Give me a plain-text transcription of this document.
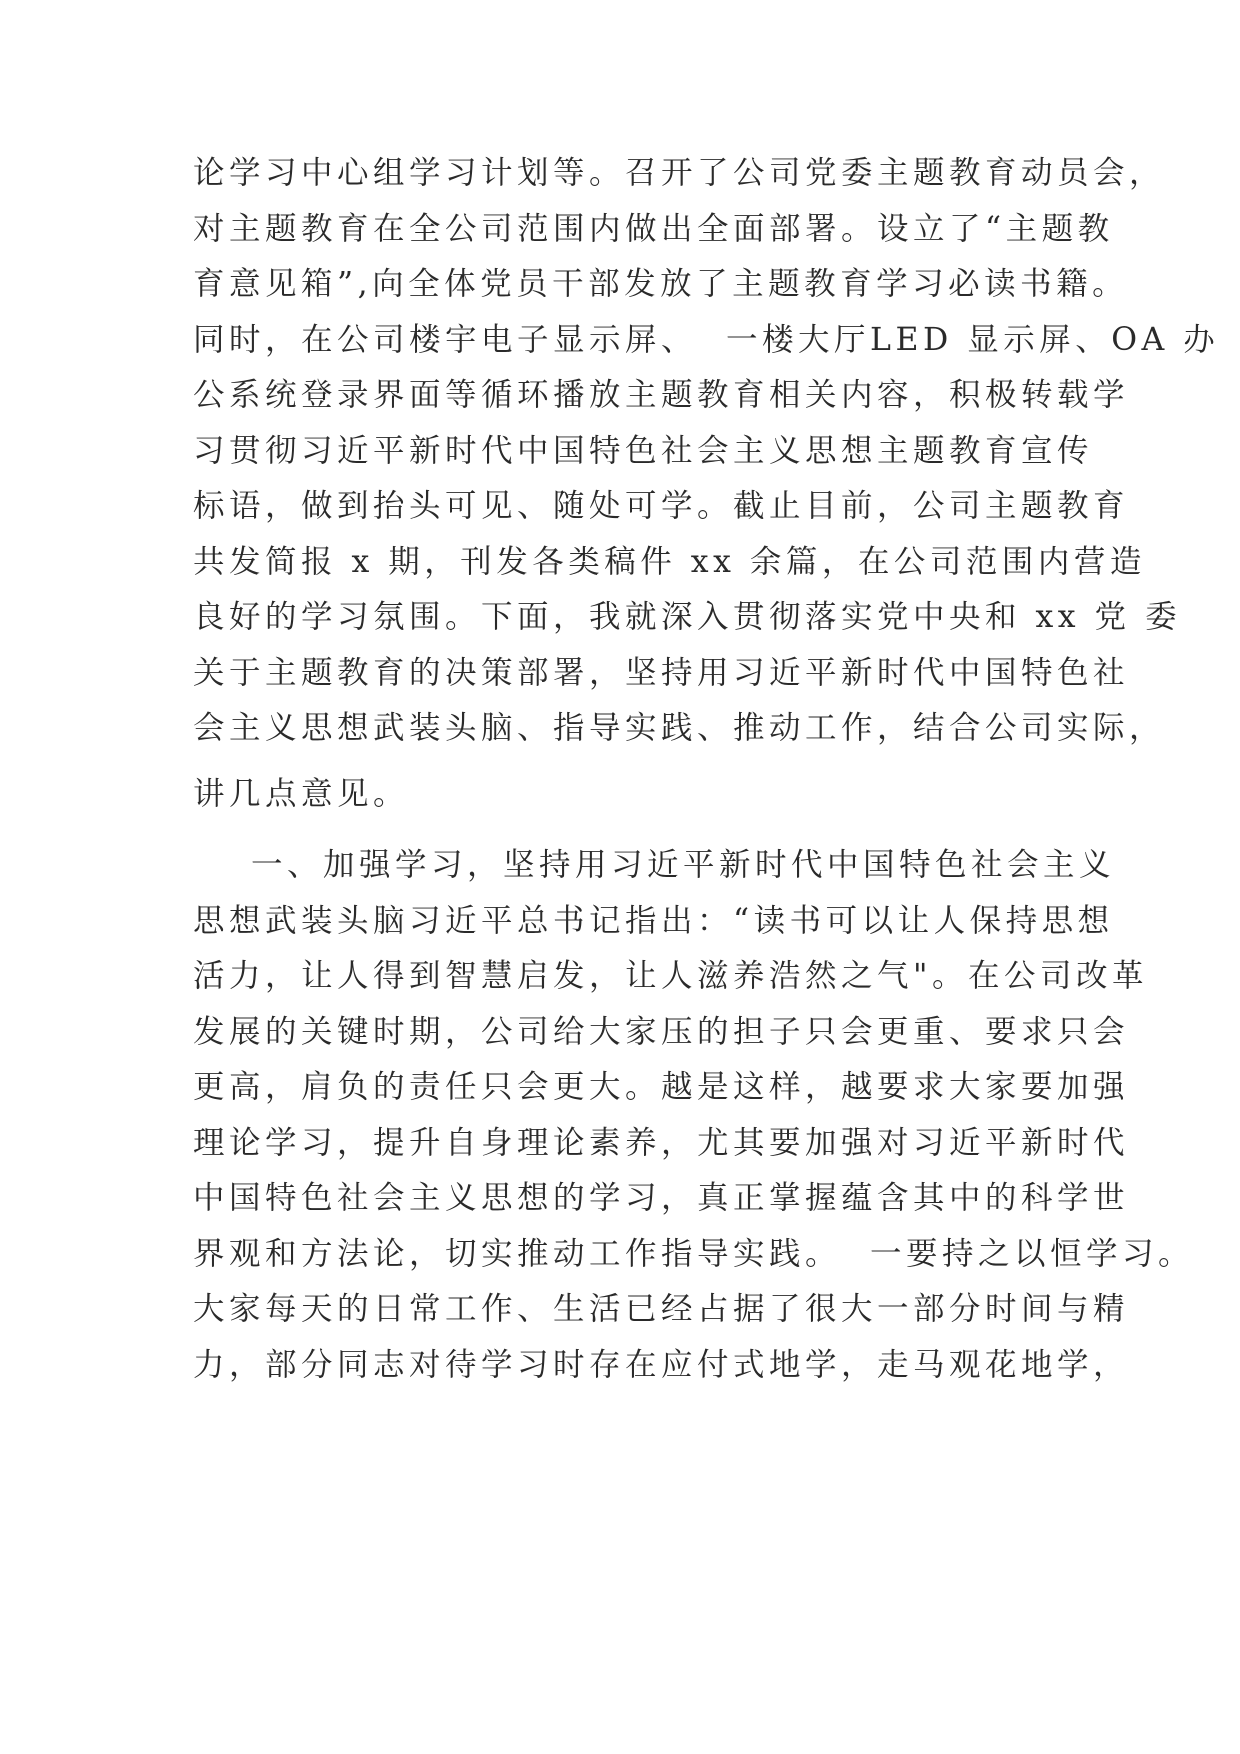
论学习中心组学习计划等。召开了公司党委主题教育动员会，
对主题教育在全公司范围内做出全面部署。设立了“主题教
育意见箱”,向全体党员干部发放了主题教育学习必读书籍。
同时，在公司楼宇电子显示屏、  一楼大厅LED 显示屏、OA 办
公系统登录界面等循环播放主题教育相关内容，积极转载学
习贯彻习近平新时代中国特色社会主义思想主题教育宣传
标语，做到抬头可见、随处可学。截止目前，公司主题教育
共发简报 x 期，刊发各类稿件 xx 余篇，在公司范围内营造
良好的学习氛围。下面，我就深入贯彻落实党中央和 xx 党 委
关于主题教育的决策部署，坚持用习近平新时代中国特色社
会主义思想武装头脑、指导实践、推动工作，结合公司实际，
讲几点意见。
一、加强学习，坚持用习近平新时代中国特色社会主义
思想武装头脑习近平总书记指出：“读书可以让人保持思想
活力，让人得到智慧启发，让人滋养浩然之气"。在公司改革
发展的关键时期，公司给大家压的担子只会更重、要求只会
更高，肩负的责任只会更大。越是这样，越要求大家要加强
理论学习，提升自身理论素养，尤其要加强对习近平新时代
中国特色社会主义思想的学习，真正掌握蕴含其中的科学世
界观和方法论，切实推动工作指导实践。  一要持之以恒学习。
大家每天的日常工作、生活已经占据了很大一部分时间与精
力，部分同志对待学习时存在应付式地学，走马观花地学，
